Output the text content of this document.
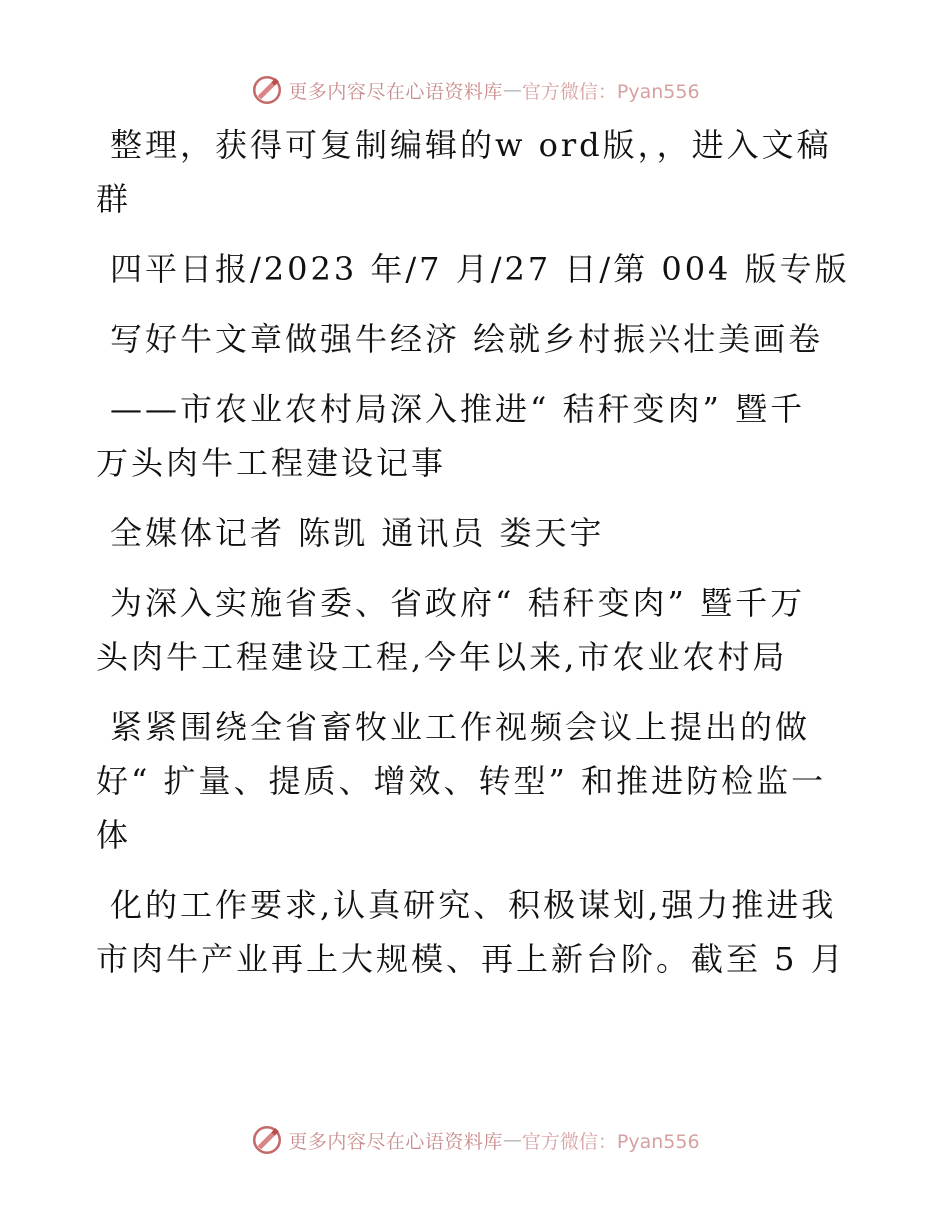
更多内容尽在心语资料库 — 官方微信：Pyan556

整理，获得可复制编辑的w ord版，，进入文稿
群

四平日报/2023 年/7 月/27 日/第 004 版专版

写好牛文章做强牛经济 绘就乡村振兴壮美画卷

——市农业农村局深入推进“ 秸秆变肉” 暨千
万头肉牛工程建设记事

全媒体记者 陈凯 通讯员 娄天宇

为深入实施省委、省政府“ 秸秆变肉” 暨千万
头肉牛工程建设工程,今年以来,市农业农村局

紧紧围绕全省畜牧业工作视频会议上提出的做
好“ 扩量、提质、增效、转型” 和推进防检监一
体

化的工作要求,认真研究、积极谋划,强力推进我
市肉牛产业再上大规模、再上新台阶。截至 5 月

更多内容尽在心语资料库 — 官方微信：Pyan556
